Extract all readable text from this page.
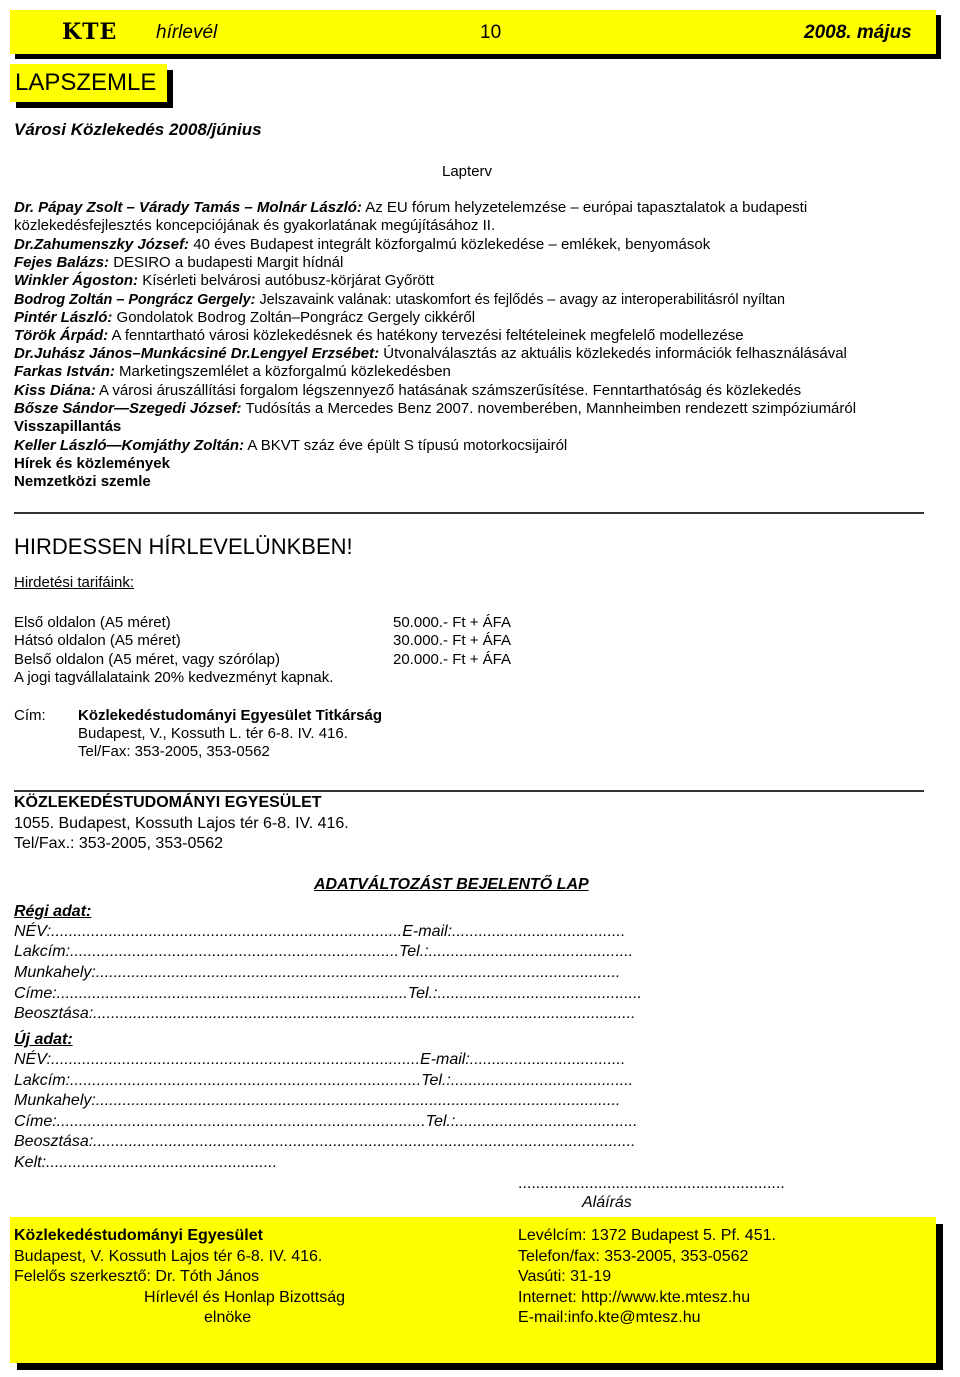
KTE hírlevél	10	2008. május
LAPSZEMLE
Városi Közlekedés 2008/június
Lapterv
Dr. Pápay Zsolt – Várady Tamás – Molnár László: Az EU fórum helyzetelemzése – európai tapasztalatok a budapesti
közlekedésfejlesztés koncepciójának és gyakorlatának megújításához II.
Dr.Zahumenszky József: 40 éves Budapest integrált közforgalmú közlekedése – emlékek, benyomások
Fejes Balázs: DESIRO a budapesti Margit hídnál
Winkler Ágoston: Kísérleti belvárosi autóbusz-körjárat Győrött
Bodrog Zoltán – Pongrácz Gergely: Jelszavaink valának: utaskomfort és fejlődés – avagy az interoperabilitásról nyíltan
Pintér László: Gondolatok Bodrog Zoltán–Pongrácz Gergely cikkéről
Török Árpád: A fenntartható városi közlekedésnek és hatékony tervezési feltételeinek megfelelő modellezése
Dr.Juhász János–Munkácsiné Dr.Lengyel Erzsébet: Útvonalválasztás az aktuális közlekedés információk felhasználásával
Farkas István: Marketingszemlélet a közforgalmú közlekedésben
Kiss Diána: A városi áruszállítási forgalom légszennyező hatásának számszerűsítése. Fenntarthatóság és közlekedés
Bősze Sándor—Szegedi József: Tudósítás a Mercedes Benz 2007. novemberében, Mannheimben rendezett szimpóziumáról
Visszapillantás
Keller László—Komjáthy Zoltán: A BKVT száz éve épült S típusú motorkocsijairól
Hírek és közlemények
Nemzetközi szemle
HIRDESSEN HÍRLEVELÜNKBEN!
Hirdetési tarifáink:
Első oldalon (A5 méret)	50.000.- Ft + ÁFA
Hátsó oldalon (A5 méret)	30.000.- Ft + ÁFA
Belső oldalon (A5 méret, vagy szórólap)	20.000.- Ft + ÁFA
A jogi tagvállalataink 20% kedvezményt kapnak.
Cím: Közlekedéstudományi Egyesület Titkárság
Budapest, V., Kossuth L. tér 6-8. IV. 416.
Tel/Fax: 353-2005, 353-0562
KÖZLEKEDÉSTUDOMÁNYI EGYESÜLET
1055. Budapest, Kossuth Lajos tér 6-8. IV. 416.
Tel/Fax.: 353-2005, 353-0562
ADATVÁLTOZÁST BEJELENTŐ LAP
Régi adat:
NÉV:...............................................................................E-mail:.......................................
Lakcím:..........................................................................Tel.:..............................................
Munkahely:......................................................................................................................
Címe:...............................................................................Tel.:..............................................
Beosztása:..........................................................................................................................
Új adat:
NÉV:...................................................................................E-mail:...................................
Lakcím:...............................................................................Tel.:.........................................
Munkahely:......................................................................................................................
Címe:...................................................................................Tel.:.........................................
Beosztása:..........................................................................................................................
Kelt:....................................................
............................................................
Aláírás
Közlekedéstudományi Egyesület
Budapest, V. Kossuth Lajos tér 6-8. IV. 416.
Felelős szerkesztő: Dr. Tóth János
Hírlevél és Honlap Bizottság
elnöke
Levélcím: 1372 Budapest 5. Pf. 451.
Telefon/fax: 353-2005, 353-0562
Vasúti: 31-19
Internet: http://www.kte.mtesz.hu
E-mail:info.kte@mtesz.hu
